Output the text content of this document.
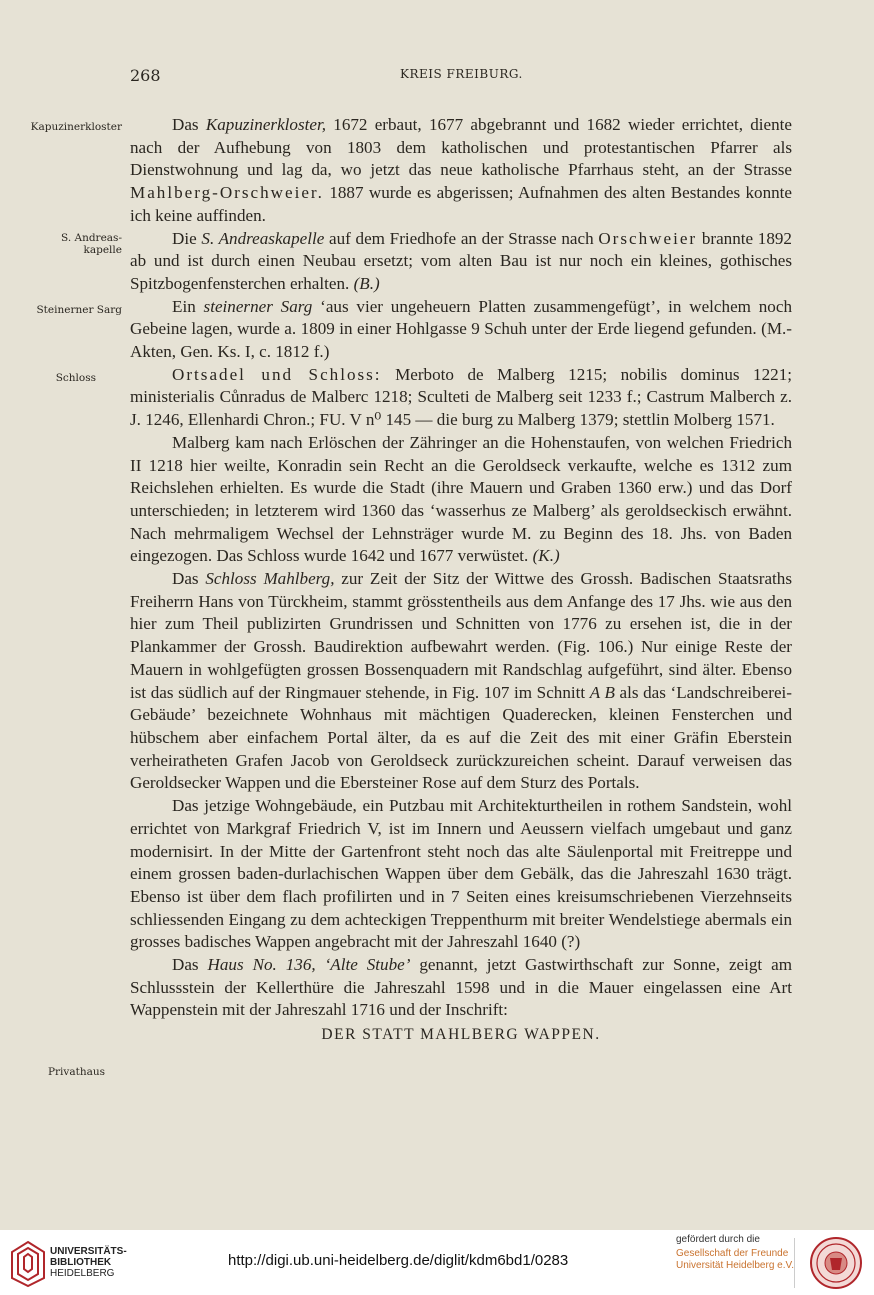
268	KREIS FREIBURG.
Kapuzinerkloster
S. Andreas-
kapelle
Steinerner Sarg
Schloss
Privathaus

Das Kapuzinerkloster, 1672 erbaut, 1677 abgebrannt und 1682 wieder errichtet, diente nach der Aufhebung von 1803 dem katholischen und protestantischen Pfarrer als Dienstwohnung und lag da, wo jetzt das neue katholische Pfarrhaus steht, an der Strasse Mahlberg-Orschweier. 1887 wurde es abgerissen; Aufnahmen des alten Bestandes konnte ich keine auffinden.

Die S. Andreaskapelle auf dem Friedhofe an der Strasse nach Orschweier brannte 1892 ab und ist durch einen Neubau ersetzt; vom alten Bau ist nur noch ein kleines, gothisches Spitzbogenfensterchen erhalten. (B.)

Ein steinerner Sarg ‘aus vier ungeheuern Platten zusammengefügt’, in welchem noch Gebeine lagen, wurde a. 1809 in einer Hohlgasse 9 Schuh unter der Erde liegend gefunden. (M.-Akten, Gen. Ks. I, c. 1812 f.)

Ortsadel und Schloss: Merboto de Malberg 1215; nobilis dominus 1221; ministerialis Cůnradus de Malberc 1218; Sculteti de Malberg seit 1233 f.; Castrum Malberch z. J. 1246, Ellenhardi Chron.; FU. V n⁰ 145 — die burg zu Malberg 1379; stettlin Molberg 1571.

Malberg kam nach Erlöschen der Zähringer an die Hohenstaufen, von welchen Friedrich II 1218 hier weilte, Konradin sein Recht an die Geroldseck verkaufte, welche es 1312 zum Reichslehen erhielten. Es wurde die Stadt (ihre Mauern und Graben 1360 erw.) und das Dorf unterschieden; in letzterem wird 1360 das ‘wasserhus ze Malberg’ als geroldseckisch erwähnt. Nach mehrmaligem Wechsel der Lehnsträger wurde M. zu Beginn des 18. Jhs. von Baden eingezogen. Das Schloss wurde 1642 und 1677 verwüstet. (K.)

Das Schloss Mahlberg, zur Zeit der Sitz der Wittwe des Grossh. Badischen Staatsraths Freiherrn Hans von Türckheim, stammt grösstentheils aus dem Anfange des 17 Jhs. wie aus den hier zum Theil publizirten Grundrissen und Schnitten von 1776 zu ersehen ist, die in der Plankammer der Grossh. Baudirektion aufbewahrt werden. (Fig. 106.) Nur einige Reste der Mauern in wohlgefügten grossen Bossenquadern mit Randschlag aufgeführt, sind älter. Ebenso ist das südlich auf der Ringmauer stehende, in Fig. 107 im Schnitt A B als das ‘Landschreiberei-Gebäude’ bezeichnete Wohnhaus mit mächtigen Quaderecken, kleinen Fensterchen und hübschem aber einfachem Portal älter, da es auf die Zeit des mit einer Gräfin Eberstein verheiratheten Grafen Jacob von Geroldseck zurückzureichen scheint. Darauf verweisen das Geroldsecker Wappen und die Ebersteiner Rose auf dem Sturz des Portals.

Das jetzige Wohngebäude, ein Putzbau mit Architekturtheilen in rothem Sandstein, wohl errichtet von Markgraf Friedrich V, ist im Innern und Aeussern vielfach umgebaut und ganz modernisirt. In der Mitte der Gartenfront steht noch das alte Säulenportal mit Freitreppe und einem grossen baden-durlachischen Wappen über dem Gebälk, das die Jahreszahl 1630 trägt. Ebenso ist über dem flach profilirten und in 7 Seiten eines kreisumschriebenen Vierzehnseits schliessenden Eingang zu dem achteckigen Treppenthurm mit breiter Wendelstiege abermals ein grosses badisches Wappen angebracht mit der Jahreszahl 1640 (?)

Das Haus No. 136, ‘Alte Stube’ genannt, jetzt Gastwirthschaft zur Sonne, zeigt am Schlussstein der Kellerthüre die Jahreszahl 1598 und in die Mauer eingelassen eine Art Wappenstein mit der Jahreszahl 1716 und der Inschrift:

DER STATT MAHLBERG WAPPEN.

UNIVERSITÄTS-
BIBLIOTHEK
HEIDELBERG
http://digi.ub.uni-heidelberg.de/diglit/kdm6bd1/0283
gefördert durch die
Gesellschaft der Freunde
Universität Heidelberg e.V.
